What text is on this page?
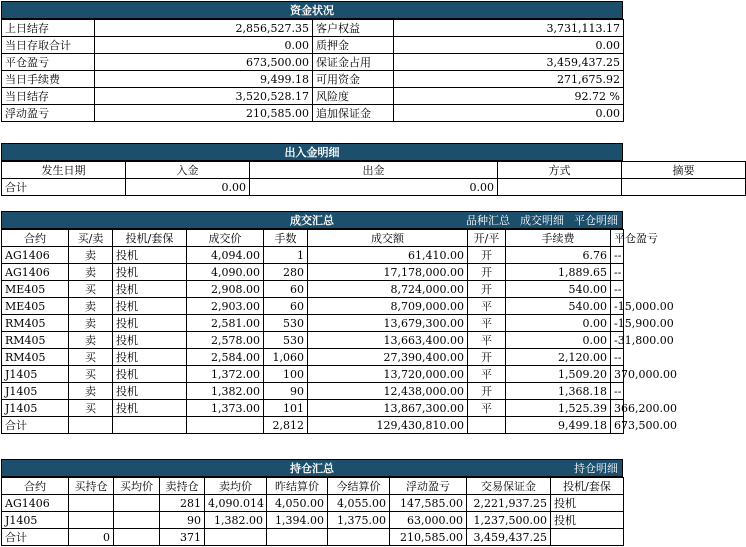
资金状况
上日结存	2,856,527.35	客户权益	3,731,113.17
当日存取合计	0.00	质押金	0.00
平仓盈亏	673,500.00	保证金占用	3,459,437.25
当日手续费	9,499.18	可用资金	271,675.92
当日结存	3,520,528.17	风险度	92.72 %
浮动盈亏	210,585.00	追加保证金	0.00
出入金明细
发生日期	入金	出金	方式	摘要
合计	0.00	0.00		
成交汇总	品种汇总 成交明细 平仓明细
合约	买/卖	投机/套保	成交价	手数	成交额	开/平	手续费	平仓盈亏
AG1406	卖	投机	4,094.00	1	61,410.00	开	6.76	--
AG1406	卖	投机	4,090.00	280	17,178,000.00	开	1,889.65	--
ME405	买	投机	2,908.00	60	8,724,000.00	开	540.00	--
ME405	卖	投机	2,903.00	60	8,709,000.00	平	540.00	-15,000.00
RM405	卖	投机	2,581.00	530	13,679,300.00	平	0.00	-15,900.00
RM405	卖	投机	2,578.00	530	13,663,400.00	平	0.00	-31,800.00
RM405	买	投机	2,584.00	1,060	27,390,400.00	开	2,120.00	--
J1405	买	投机	1,372.00	100	13,720,000.00	平	1,509.20	370,000.00
J1405	卖	投机	1,382.00	90	12,438,000.00	开	1,368.18	--
J1405	买	投机	1,373.00	101	13,867,300.00	平	1,525.39	366,200.00
合计				2,812	129,430,810.00		9,499.18	673,500.00
持仓汇总	持仓明细
合约	买持仓	买均价	卖持仓	卖均价	昨结算价	今结算价	浮动盈亏	交易保证金	投机/套保
AG1406			281	4,090.014	4,050.00	4,055.00	147,585.00	2,221,937.25	投机
J1405			90	1,382.00	1,394.00	1,375.00	63,000.00	1,237,500.00	投机
合计	0		371				210,585.00	3,459,437.25	
